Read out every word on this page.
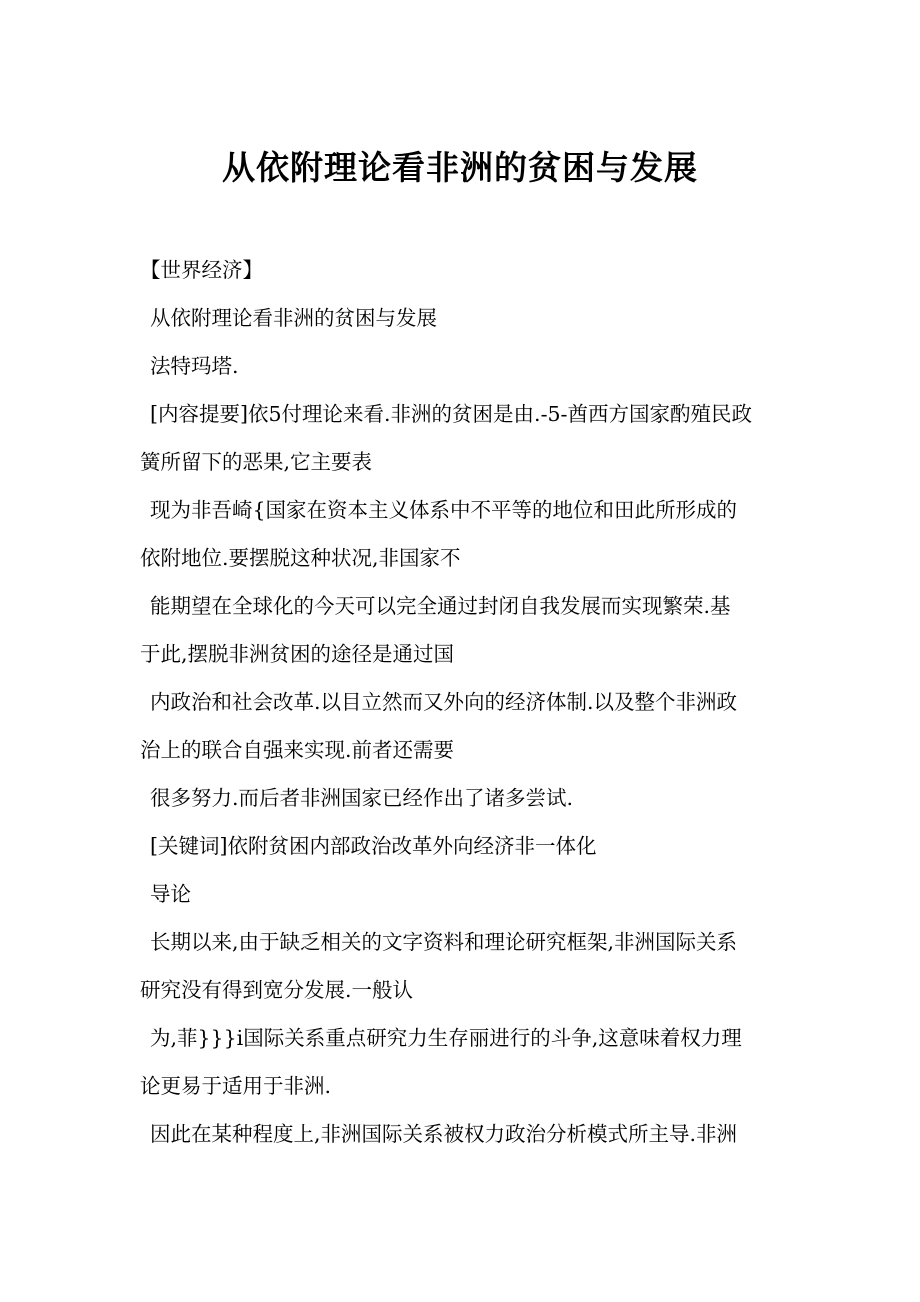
从依附理论看非洲的贫困与发展
【世界经济】
从依附理论看非洲的贫困与发展
法特玛塔.
[内容提要]依5付理论来看.非洲的贫困是由.-5-酋西方国家酌殖民政
簧所留下的恶果,它主要表
现为非吾崎{国家在资本主义体系中不平等的地位和田此所形成的
依附地位.要摆脱这种状况,非国家不
能期望在全球化的今天可以完全通过封闭自我发展而实现繁荣.基
于此,摆脱非洲贫困的途径是通过国
内政治和社会改革.以目立然而又外向的经济体制.以及整个非洲政
治上的联合自强来实现.前者还需要
很多努力.而后者非洲国家已经作出了诸多尝试.
[关键词]依附贫困内部政治改革外向经济非一体化
导论
长期以来,由于缺乏相关的文字资料和理论研究框架,非洲国际关系
研究没有得到宽分发展.一般认
为,菲}}}i国际关系重点研究力生存丽进行的斗争,这意味着权力理
论更易于适用于非洲.
因此在某种程度上,非洲国际关系被权力政治分析模式所主导.非洲
